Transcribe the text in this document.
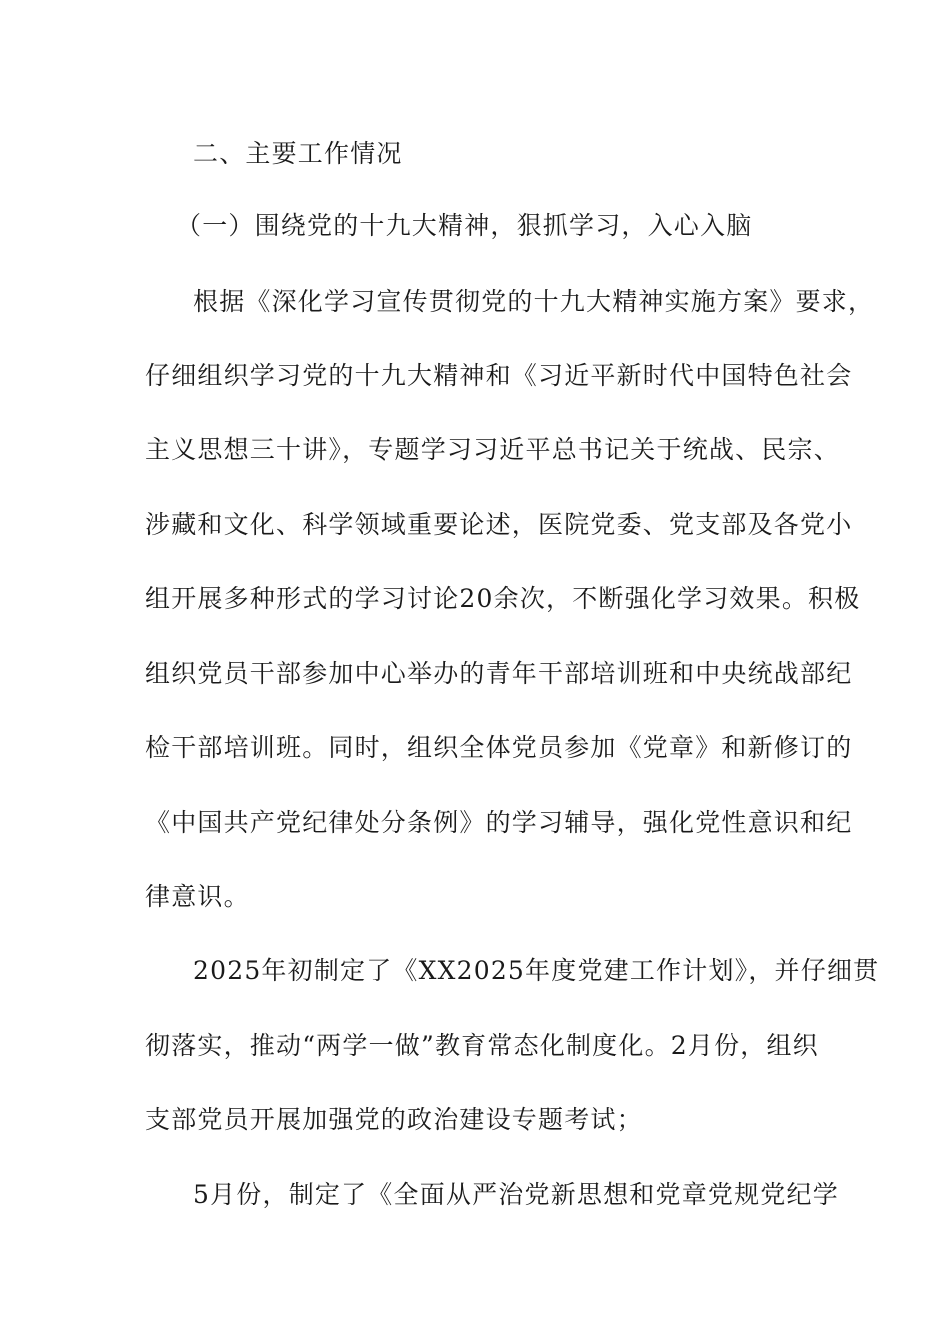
二、主要工作情况
（一）围绕党的十九大精神，狠抓学习，入心入脑
根据《深化学习宣传贯彻党的十九大精神实施方案》要求，
仔细组织学习党的十九大精神和《习近平新时代中国特色社会
主义思想三十讲》，专题学习习近平总书记关于统战、民宗、
涉藏和文化、科学领域重要论述，医院党委、党支部及各党小
组开展多种形式的学习讨论20余次，不断强化学习效果。积极
组织党员干部参加中心举办的青年干部培训班和中央统战部纪
检干部培训班。同时，组织全体党员参加《党章》和新修订的
《中国共产党纪律处分条例》的学习辅导，强化党性意识和纪
律意识。
2025年初制定了《XX2025年度党建工作计划》，并仔细贯
彻落实，推动“两学一做”教育常态化制度化。2月份，组织
支部党员开展加强党的政治建设专题考试；
5月份，制定了《全面从严治党新思想和党章党规党纪学
